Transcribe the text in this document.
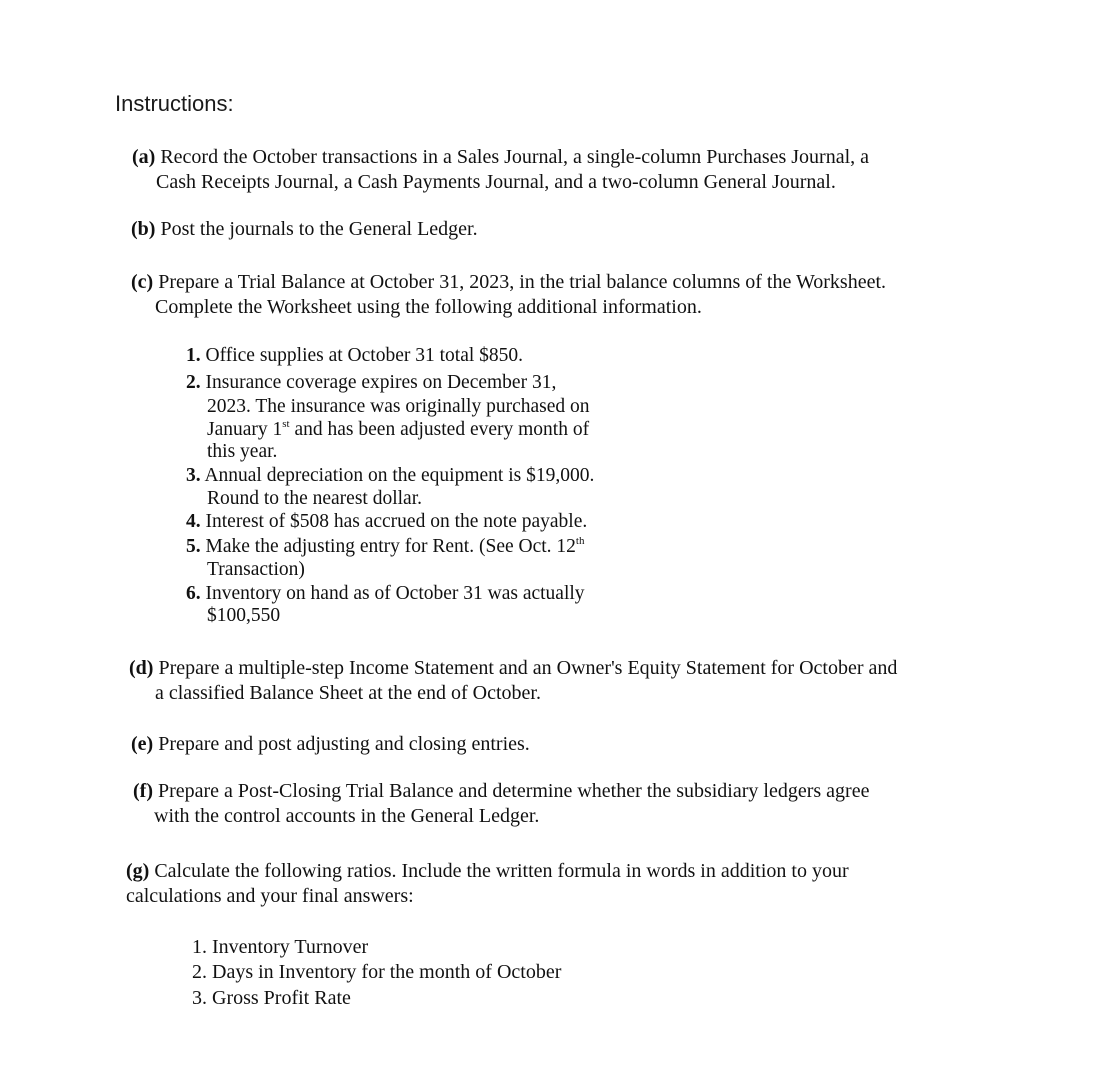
Instructions:
(a) Record the October transactions in a Sales Journal, a single-column Purchases Journal, a
Cash Receipts Journal, a Cash Payments Journal, and a two-column General Journal.
(b) Post the journals to the General Ledger.
(c) Prepare a Trial Balance at October 31, 2023, in the trial balance columns of the Worksheet.
Complete the Worksheet using the following additional information.
1. Office supplies at October 31 total $850.
2. Insurance coverage expires on December 31,
2023. The insurance was originally purchased on
January 1st and has been adjusted every month of
this year.
3. Annual depreciation on the equipment is $19,000.
Round to the nearest dollar.
4. Interest of $508 has accrued on the note payable.
5. Make the adjusting entry for Rent. (See Oct. 12th
Transaction)
6. Inventory on hand as of October 31 was actually
$100,550
(d) Prepare a multiple-step Income Statement and an Owner's Equity Statement for October and
a classified Balance Sheet at the end of October.
(e) Prepare and post adjusting and closing entries.
(f) Prepare a Post-Closing Trial Balance and determine whether the subsidiary ledgers agree
with the control accounts in the General Ledger.
(g) Calculate the following ratios. Include the written formula in words in addition to your
calculations and your final answers:
1. Inventory Turnover
2. Days in Inventory for the month of October
3. Gross Profit Rate
